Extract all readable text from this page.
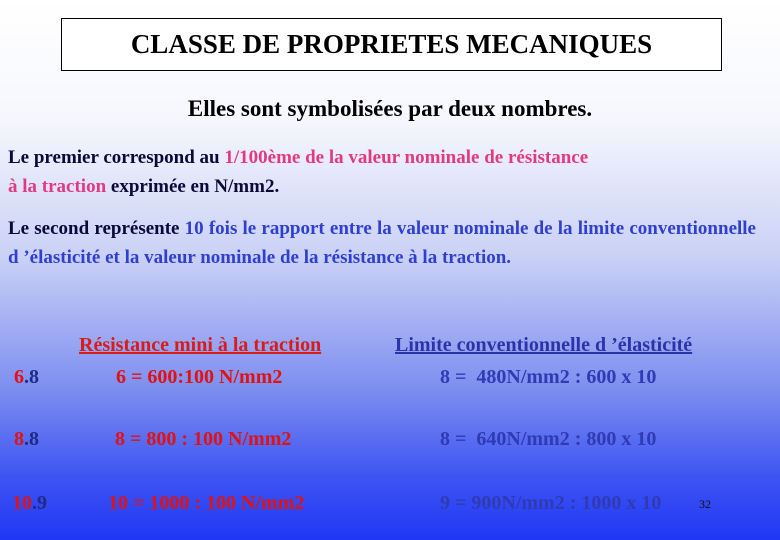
CLASSE DE PROPRIETES MECANIQUES
Elles sont symbolisées par deux nombres.
Le premier correspond au 1/100ème de la valeur nominale de résistance
à la traction exprimée en N/mm2.
Le second représente 10 fois le rapport entre la valeur nominale de la limite conventionnelle d ’élasticité et la valeur nominale de la résistance à la traction.
Résistance mini à la traction	Limite conventionnelle d ’élasticité
6.8	6 = 600:100 N/mm2	8 =  480N/mm2 : 600 x 10
8.8	8 = 800 : 100 N/mm2	8 =  640N/mm2 : 800 x 10
10.9	10 = 1000 : 100 N/mm2	9 = 900N/mm2 : 1000 x 10	32
